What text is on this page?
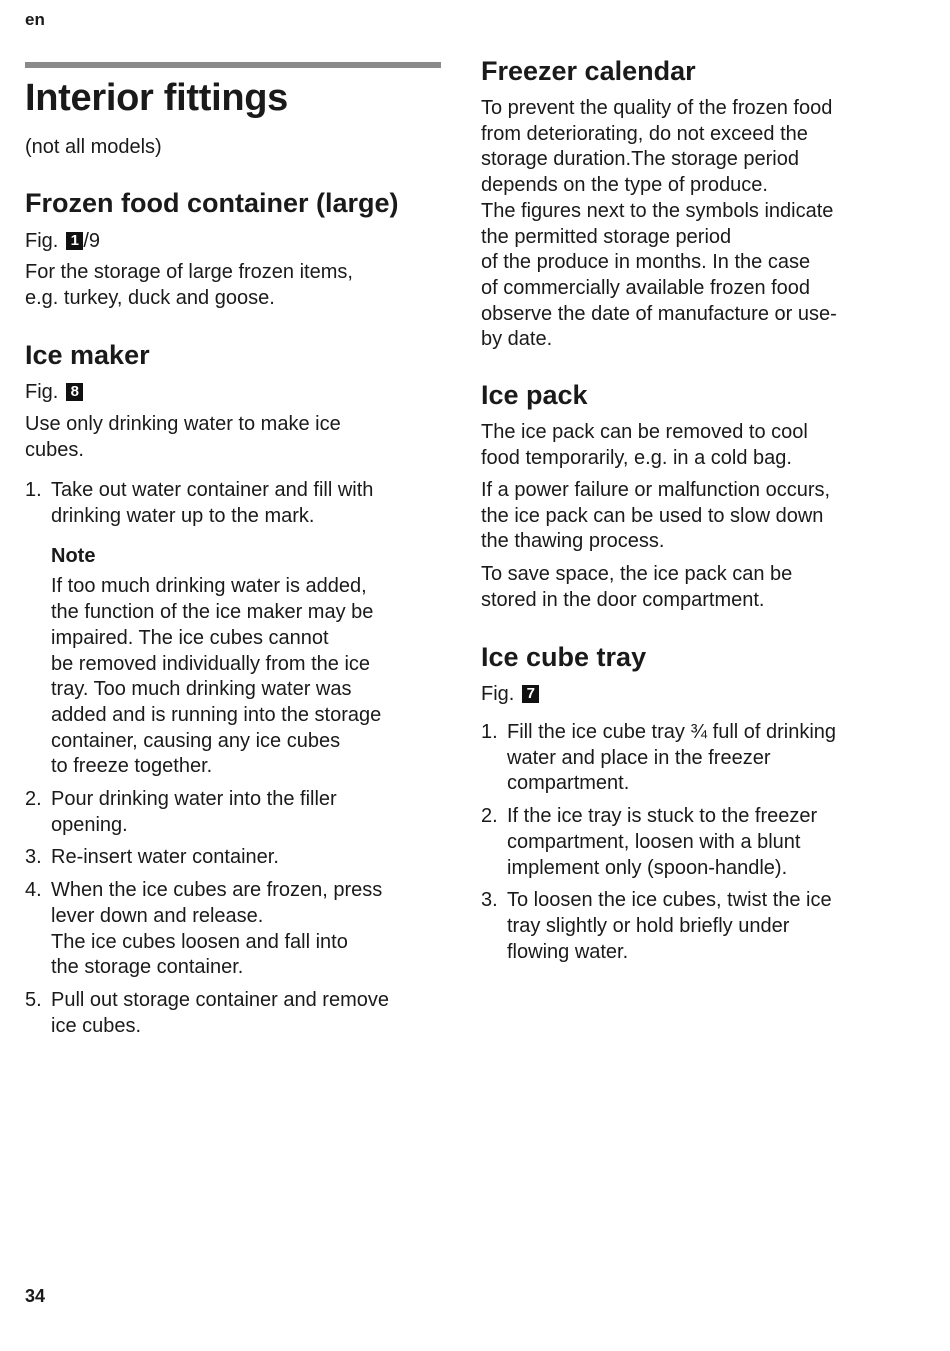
en
Interior fittings

(not all models)

Frozen food container (large)

Fig. 1 /9

For the storage of large frozen items,

e.g. turkey, duck and goose.

Ice maker

Fig. 8

Use only drinking water to make ice

cubes.

1. Take out water container and fill with
drinking water up to the mark.
Note
If too much drinking water is added,
the function of the ice maker may be
impaired. The ice cubes cannot
be removed individually from the ice
tray. Too much drinking water was
added and is running into the storage
container, causing any ice cubes
to freeze together.
2. Pour drinking water into the filler
opening.
3. Re-insert water container.
4. When the ice cubes are frozen, press
lever down and release.
The ice cubes loosen and fall into
the storage container.
5. Pull out storage container and remove
ice cubes.
Freezer calendar

To prevent the quality of the frozen food

from deteriorating, do not exceed the

storage duration.The storage period

depends on the type of produce.

The figures next to the symbols indicate

the permitted storage period

of the produce in months. In the case

of commercially available frozen food

observe the date of manufacture or use-

by date.

Ice pack

The ice pack can be removed to cool

food temporarily, e.g. in a cold bag.

If a power failure or malfunction occurs,

the ice pack can be used to slow down

the thawing process.

To save space, the ice pack can be

stored in the door compartment.

Ice cube tray

Fig. 7

1. Fill the ice cube tray ¾ full of drinking
water and place in the freezer
compartment.
2. If the ice tray is stuck to the freezer
compartment, loosen with a blunt
implement only (spoon-handle).
3. To loosen the ice cubes, twist the ice
tray slightly or hold briefly under
flowing water.
34
